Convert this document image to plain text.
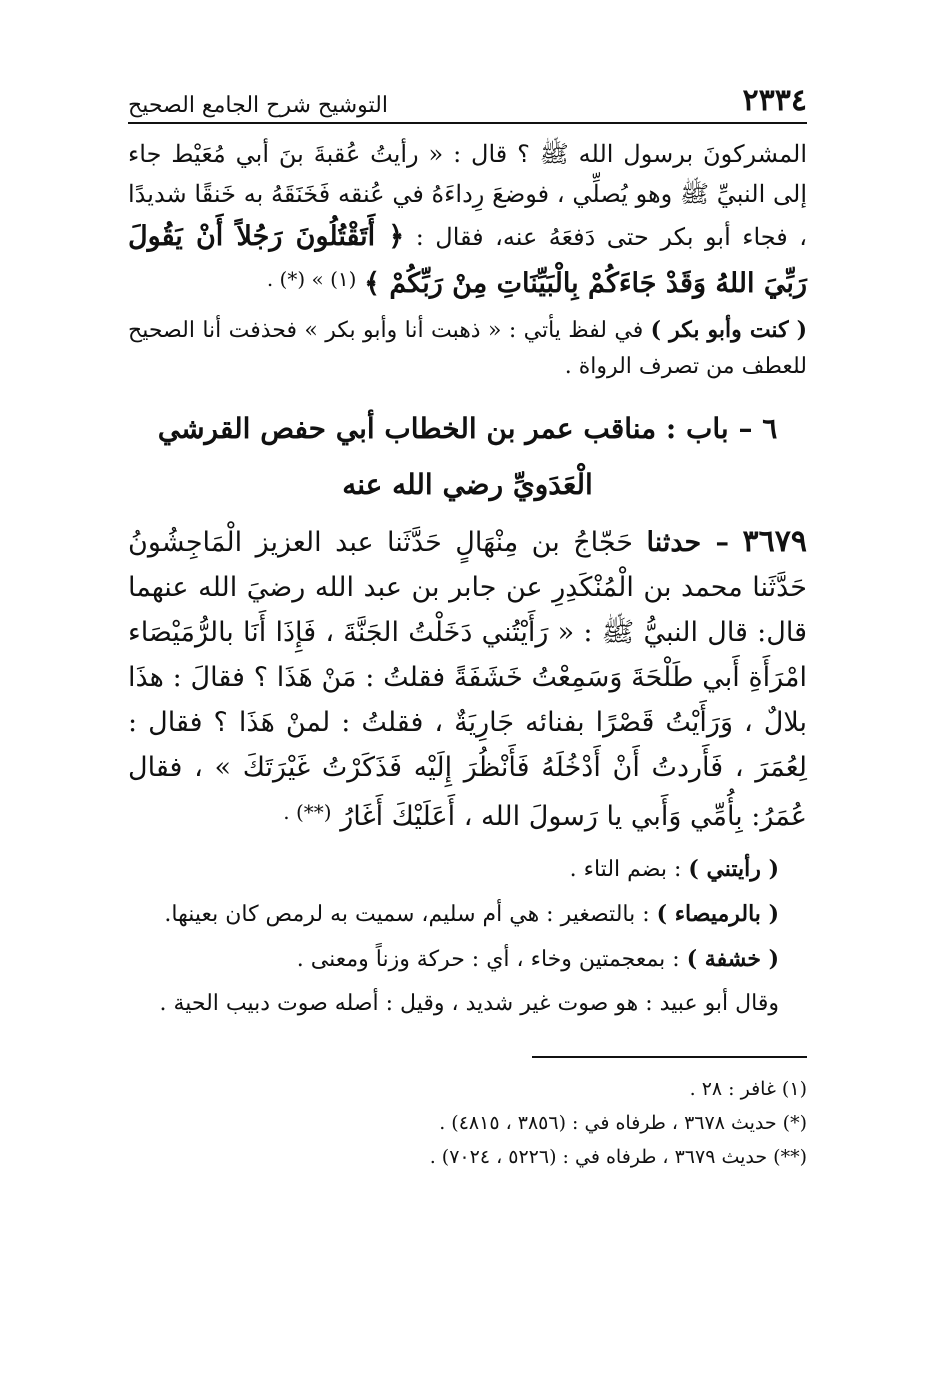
٢٣٣٤
التوشيح شرح الجامع الصحيح

المشركونَ برسول الله ﷺ ؟ قال : « رأيتُ عُقبةَ بنَ أبي مُعَيْط جاء إلى النبيِّ ﷺ وهو يُصلِّي ، فوضعَ رِداءَهُ في عُنقه فَخَنَقَهُ به خَنقًا شديدًا ، فجاء أبو بكر حتى دَفعَهُ عنه، فقال : ﴿ أَتَقْتُلُونَ رَجُلاً أَنْ يَقُولَ رَبِّيَ اللهُ وَقَدْ جَاءَكُمْ بِالْبَيِّنَاتِ مِنْ رَبِّكُمْ ﴾ $^{(١) » (*) .}$

( كنت وأبو بكر ) في لفظ يأتي : « ذهبت أنا وأبو بكر » فحذفت أنا الصحيح للعطف من تصرف الرواة .

٦ – باب : مناقب عمر بن الخطاب أبي حفص القرشي
الْعَدَويِّ رضي الله عنه

٣٦٧٩ – حدثنا حَجّاجُ بن مِنْهَالٍ حَدَّثَنا عبد العزيز الْمَاجِشُونُ حَدَّثَنا محمد بن الْمُنْكَدِرِ عن جابر بن عبد الله رضيَ الله عنهما قال: قال النبيُّ ﷺ : « رَأَيْتُني دَخَلْتُ الجَنَّةَ ، فَإِذَا أَنَا بالرُّمَيْصَاء امْرَأَةِ أَبي طَلْحَةَ وَسَمِعْتُ خَشَفَةً فقلتُ : مَنْ هَذَا ؟ فقالَ : هذَا بلالٌ ، وَرَأَيْتُ قَصْرًا بفنائه جَارِيَةٌ ، فقلتُ : لمنْ هَذَا ؟ فقال : لِعُمَرَ ، فَأَردتُ أَنْ أَدْخُلَهُ فَأَنْظُرَ إِلَيْه فَذَكَرْتُ غَيْرَتَكَ » ، فقال عُمَرُ: بِأُمِّي وَأَبي يا رَسولَ الله ، أَعَلَيْكَ أَغَارُ (**) .

( رأيتني ) : بضم التاء .

( بالرميصاء ) : بالتصغير : هي أم سليم، سميت به لرمص كان بعينها.

( خشفة ) : بمعجمتين وخاء ، أي : حركة وزناً ومعنى .

وقال أبو عبيد : هو صوت غير شديد ، وقيل : أصله صوت دبيب الحية .

(١) غافر : ٢٨ .

(*) حديث ٣٦٧٨ ، طرفاه في : (٣٨٥٦ ، ٤٨١٥) .

(**) حديث ٣٦٧٩ ، طرفاه في : (٥٢٢٦ ، ٧٠٢٤) .
